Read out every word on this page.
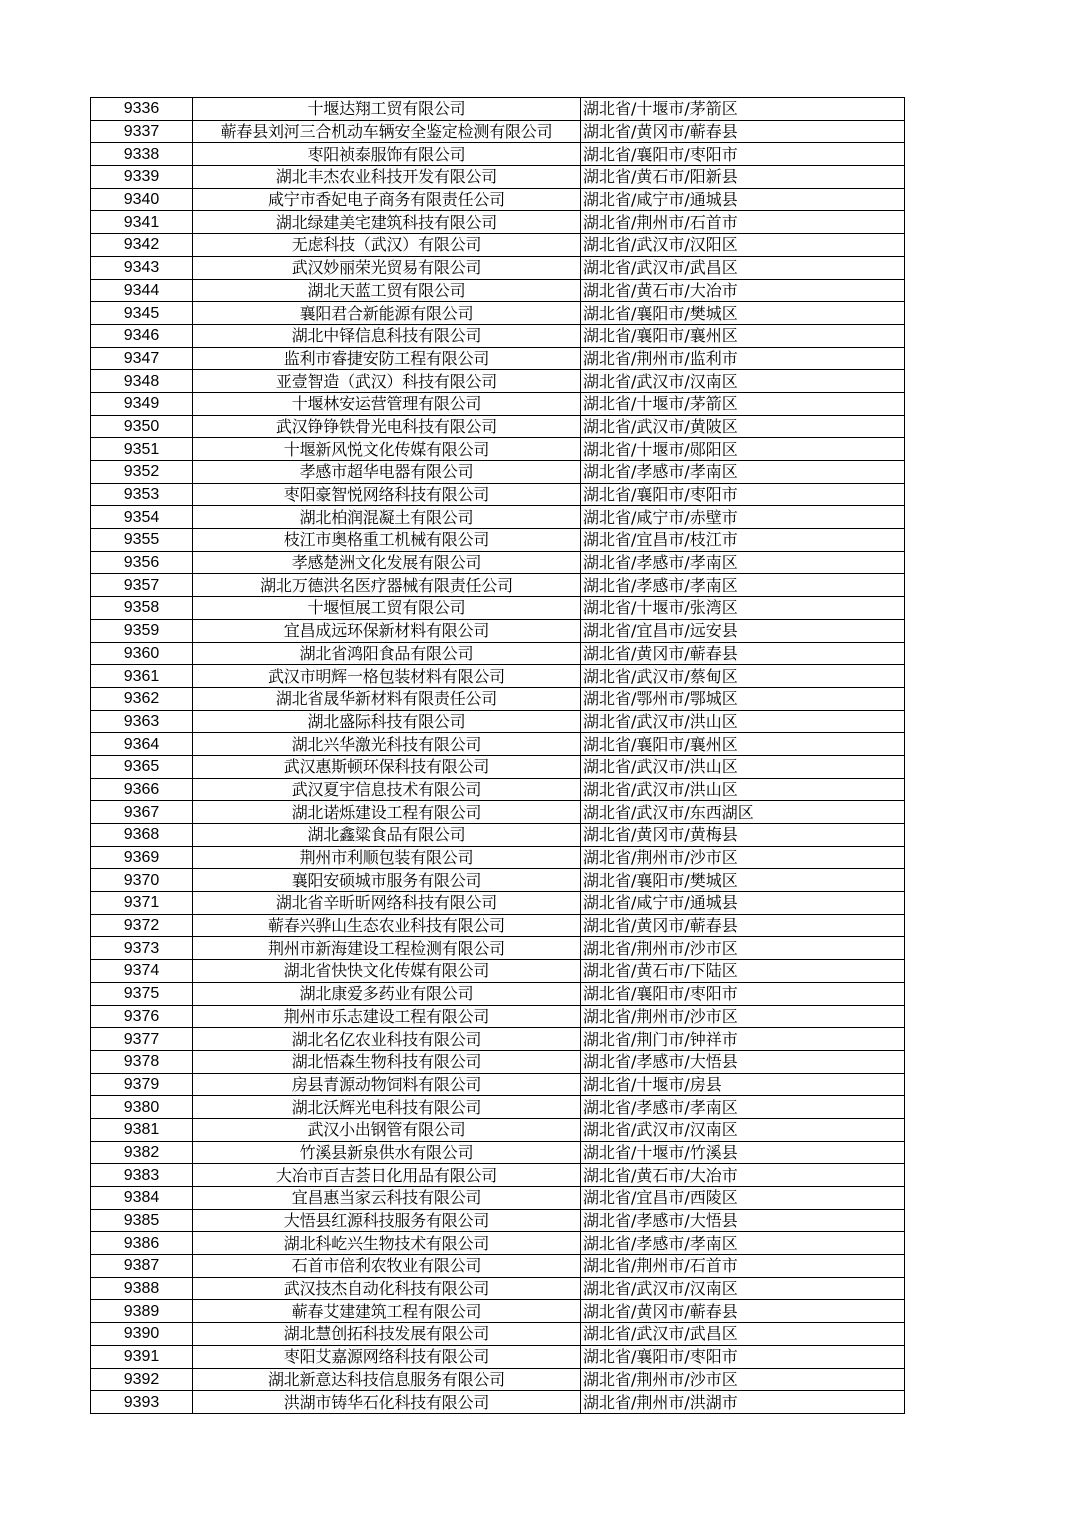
9336	十堰达翔工贸有限公司	湖北省/十堰市/茅箭区
9337	蕲春县刘河三合机动车辆安全鉴定检测有限公司	湖北省/黄冈市/蕲春县
9338	枣阳祯泰服饰有限公司	湖北省/襄阳市/枣阳市
9339	湖北丰杰农业科技开发有限公司	湖北省/黄石市/阳新县
9340	咸宁市香妃电子商务有限责任公司	湖北省/咸宁市/通城县
9341	湖北绿建美宅建筑科技有限公司	湖北省/荆州市/石首市
9342	无虑科技（武汉）有限公司	湖北省/武汉市/汉阳区
9343	武汉妙丽荣光贸易有限公司	湖北省/武汉市/武昌区
9344	湖北天蓝工贸有限公司	湖北省/黄石市/大冶市
9345	襄阳君合新能源有限公司	湖北省/襄阳市/樊城区
9346	湖北中铎信息科技有限公司	湖北省/襄阳市/襄州区
9347	监利市睿捷安防工程有限公司	湖北省/荆州市/监利市
9348	亚壹智造（武汉）科技有限公司	湖北省/武汉市/汉南区
9349	十堰林安运营管理有限公司	湖北省/十堰市/茅箭区
9350	武汉铮铮铁骨光电科技有限公司	湖北省/武汉市/黄陂区
9351	十堰新风悦文化传媒有限公司	湖北省/十堰市/郧阳区
9352	孝感市超华电器有限公司	湖北省/孝感市/孝南区
9353	枣阳豪智悦网络科技有限公司	湖北省/襄阳市/枣阳市
9354	湖北柏润混凝土有限公司	湖北省/咸宁市/赤壁市
9355	枝江市奥格重工机械有限公司	湖北省/宜昌市/枝江市
9356	孝感楚洲文化发展有限公司	湖北省/孝感市/孝南区
9357	湖北万德洪名医疗器械有限责任公司	湖北省/孝感市/孝南区
9358	十堰恒展工贸有限公司	湖北省/十堰市/张湾区
9359	宜昌成远环保新材料有限公司	湖北省/宜昌市/远安县
9360	湖北省鸿阳食品有限公司	湖北省/黄冈市/蕲春县
9361	武汉市明辉一格包装材料有限公司	湖北省/武汉市/蔡甸区
9362	湖北省晟华新材料有限责任公司	湖北省/鄂州市/鄂城区
9363	湖北盛际科技有限公司	湖北省/武汉市/洪山区
9364	湖北兴华激光科技有限公司	湖北省/襄阳市/襄州区
9365	武汉惠斯顿环保科技有限公司	湖北省/武汉市/洪山区
9366	武汉夏宇信息技术有限公司	湖北省/武汉市/洪山区
9367	湖北诺烁建设工程有限公司	湖北省/武汉市/东西湖区
9368	湖北鑫粱食品有限公司	湖北省/黄冈市/黄梅县
9369	荆州市利顺包装有限公司	湖北省/荆州市/沙市区
9370	襄阳安硕城市服务有限公司	湖北省/襄阳市/樊城区
9371	湖北省辛昕昕网络科技有限公司	湖北省/咸宁市/通城县
9372	蕲春兴骅山生态农业科技有限公司	湖北省/黄冈市/蕲春县
9373	荆州市新海建设工程检测有限公司	湖北省/荆州市/沙市区
9374	湖北省快快文化传媒有限公司	湖北省/黄石市/下陆区
9375	湖北康爱多药业有限公司	湖北省/襄阳市/枣阳市
9376	荆州市乐志建设工程有限公司	湖北省/荆州市/沙市区
9377	湖北名亿农业科技有限公司	湖北省/荆门市/钟祥市
9378	湖北悟森生物科技有限公司	湖北省/孝感市/大悟县
9379	房县青源动物饲料有限公司	湖北省/十堰市/房县
9380	湖北沃辉光电科技有限公司	湖北省/孝感市/孝南区
9381	武汉小出钢管有限公司	湖北省/武汉市/汉南区
9382	竹溪县新泉供水有限公司	湖北省/十堰市/竹溪县
9383	大冶市百吉荟日化用品有限公司	湖北省/黄石市/大冶市
9384	宜昌惠当家云科技有限公司	湖北省/宜昌市/西陵区
9385	大悟县红源科技服务有限公司	湖北省/孝感市/大悟县
9386	湖北科屹兴生物技术有限公司	湖北省/孝感市/孝南区
9387	石首市倍利农牧业有限公司	湖北省/荆州市/石首市
9388	武汉技杰自动化科技有限公司	湖北省/武汉市/汉南区
9389	蕲春艾建建筑工程有限公司	湖北省/黄冈市/蕲春县
9390	湖北慧创拓科技发展有限公司	湖北省/武汉市/武昌区
9391	枣阳艾嘉源网络科技有限公司	湖北省/襄阳市/枣阳市
9392	湖北新意达科技信息服务有限公司	湖北省/荆州市/沙市区
9393	洪湖市铸华石化科技有限公司	湖北省/荆州市/洪湖市
